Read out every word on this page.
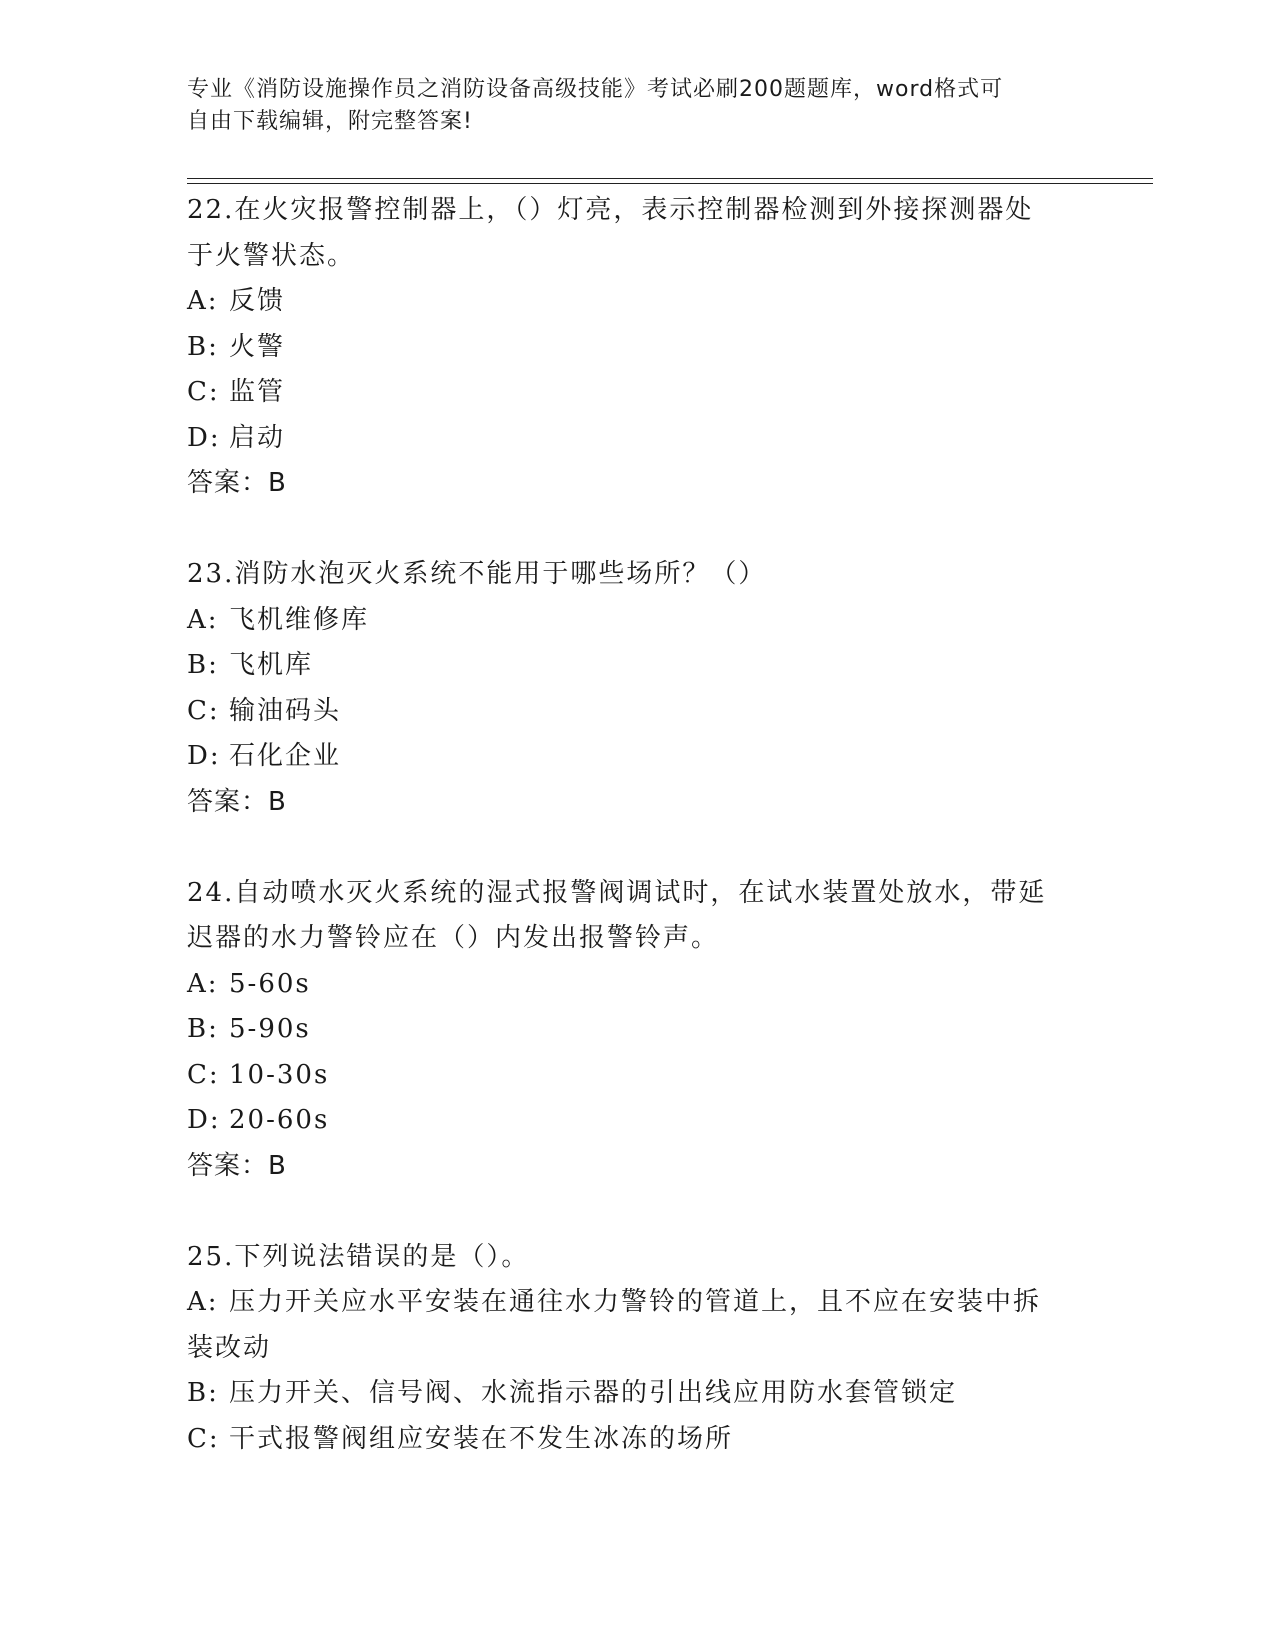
专业《消防设施操作员之消防设备高级技能》考试必刷200题题库，word格式可
自由下载编辑，附完整答案!
22.在火灾报警控制器上，（）灯亮，表示控制器检测到外接探测器处
于火警状态。
A: 反馈
B: 火警
C: 监管
D: 启动
答案：B
23.消防水泡灭火系统不能用于哪些场所？（）
A: 飞机维修库
B: 飞机库
C: 输油码头
D: 石化企业
答案：B
24.自动喷水灭火系统的湿式报警阀调试时，在试水装置处放水，带延
迟器的水力警铃应在（）内发出报警铃声。
A: 5-60s
B: 5-90s
C: 10-30s
D: 20-60s
答案：B
25.下列说法错误的是（）。
A: 压力开关应水平安装在通往水力警铃的管道上，且不应在安装中拆
装改动
B: 压力开关、信号阀、水流指示器的引出线应用防水套管锁定
C: 干式报警阀组应安装在不发生冰冻的场所
